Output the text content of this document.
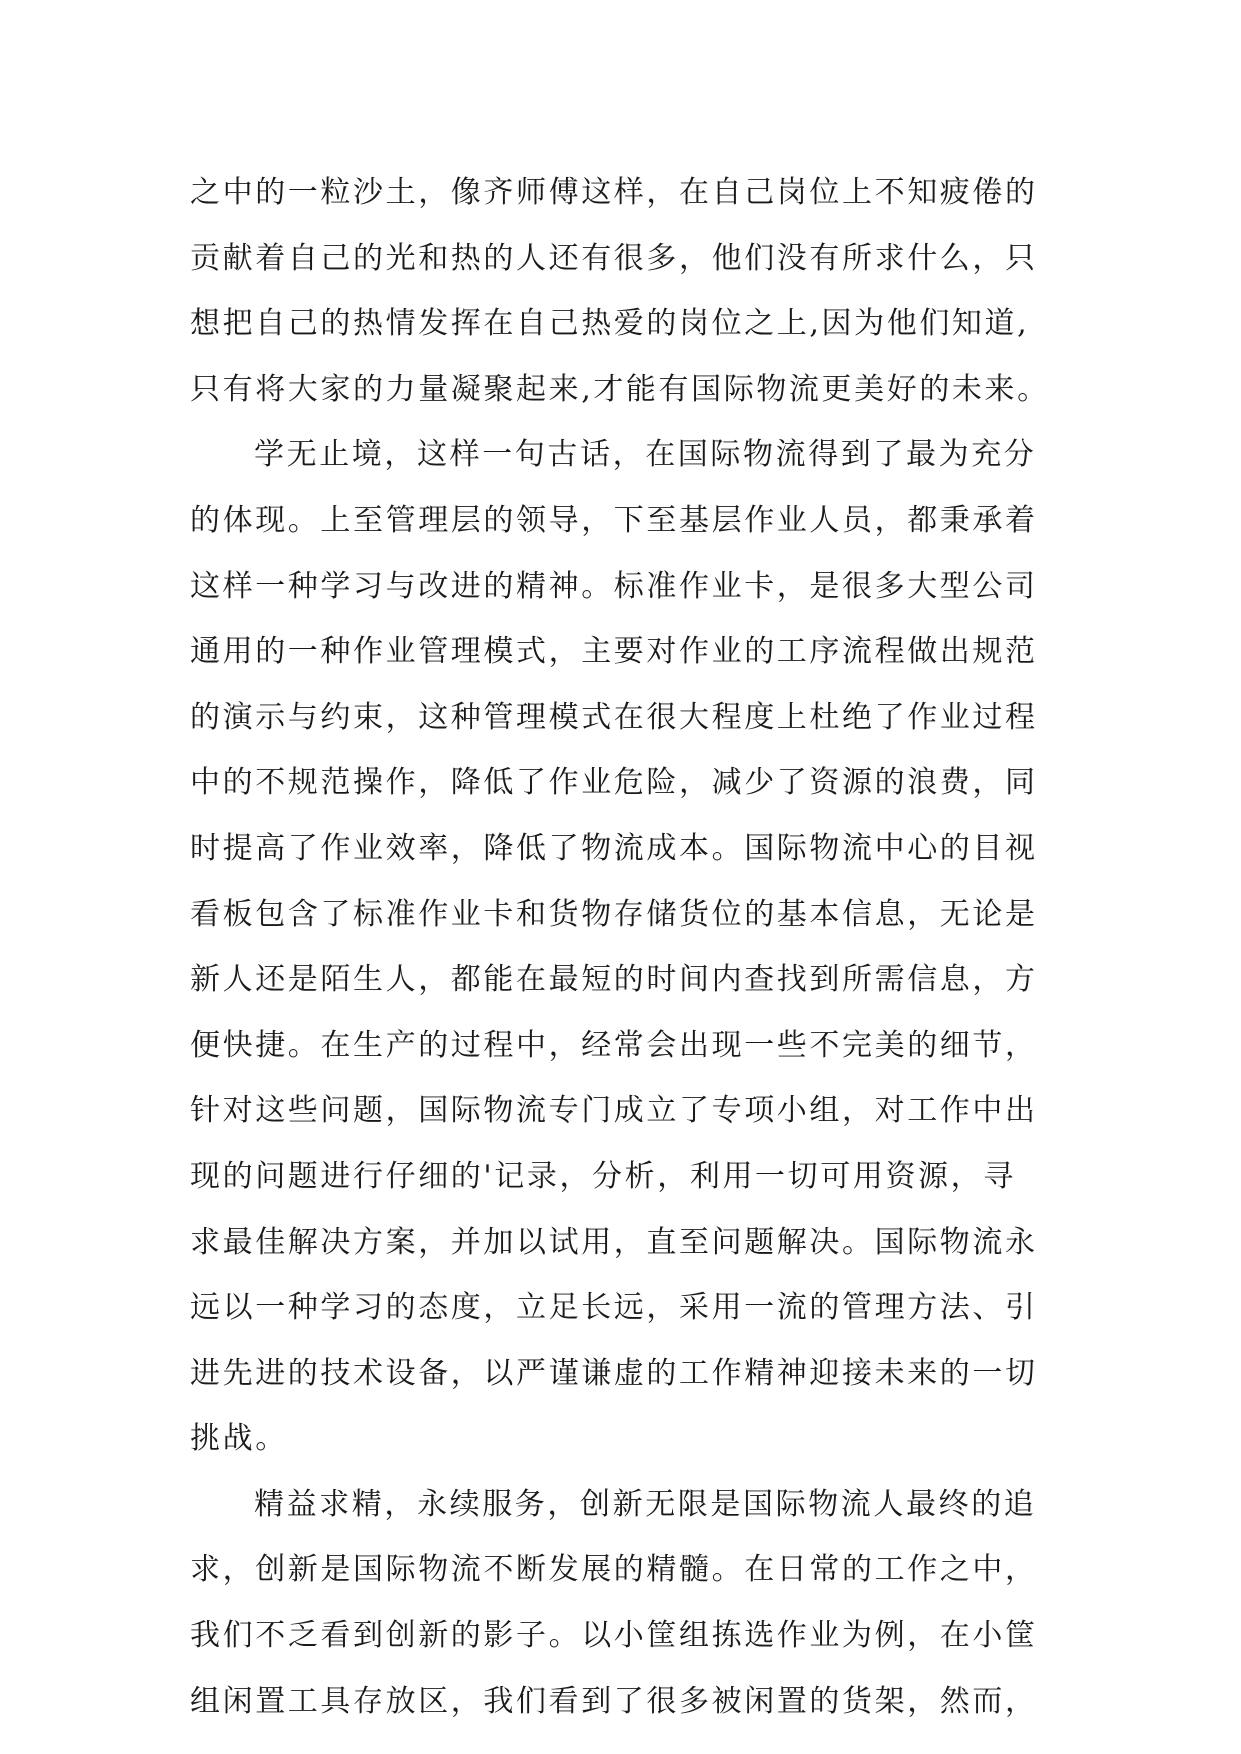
之中的一粒沙土，像齐师傅这样，在自己岗位上不知疲倦的
贡献着自己的光和热的人还有很多，他们没有所求什么，只
想把自己的热情发挥在自己热爱的岗位之上,因为他们知道,
只有将大家的力量凝聚起来,才能有国际物流更美好的未来。
学无止境，这样一句古话，在国际物流得到了最为充分
的体现。上至管理层的领导，下至基层作业人员，都秉承着
这样一种学习与改进的精神。标准作业卡，是很多大型公司
通用的一种作业管理模式，主要对作业的工序流程做出规范
的演示与约束，这种管理模式在很大程度上杜绝了作业过程
中的不规范操作，降低了作业危险，减少了资源的浪费，同
时提高了作业效率，降低了物流成本。国际物流中心的目视
看板包含了标准作业卡和货物存储货位的基本信息，无论是
新人还是陌生人，都能在最短的时间内查找到所需信息，方
便快捷。在生产的过程中，经常会出现一些不完美的细节，
针对这些问题，国际物流专门成立了专项小组，对工作中出
现的问题进行仔细的'记录，分析，利用一切可用资源，寻
求最佳解决方案，并加以试用，直至问题解决。国际物流永
远以一种学习的态度，立足长远，采用一流的管理方法、引
进先进的技术设备，以严谨谦虚的工作精神迎接未来的一切
挑战。
精益求精，永续服务，创新无限是国际物流人最终的追
求，创新是国际物流不断发展的精髓。在日常的工作之中，
我们不乏看到创新的影子。以小筐组拣选作业为例，在小筐
组闲置工具存放区，我们看到了很多被闲置的货架，然而，
